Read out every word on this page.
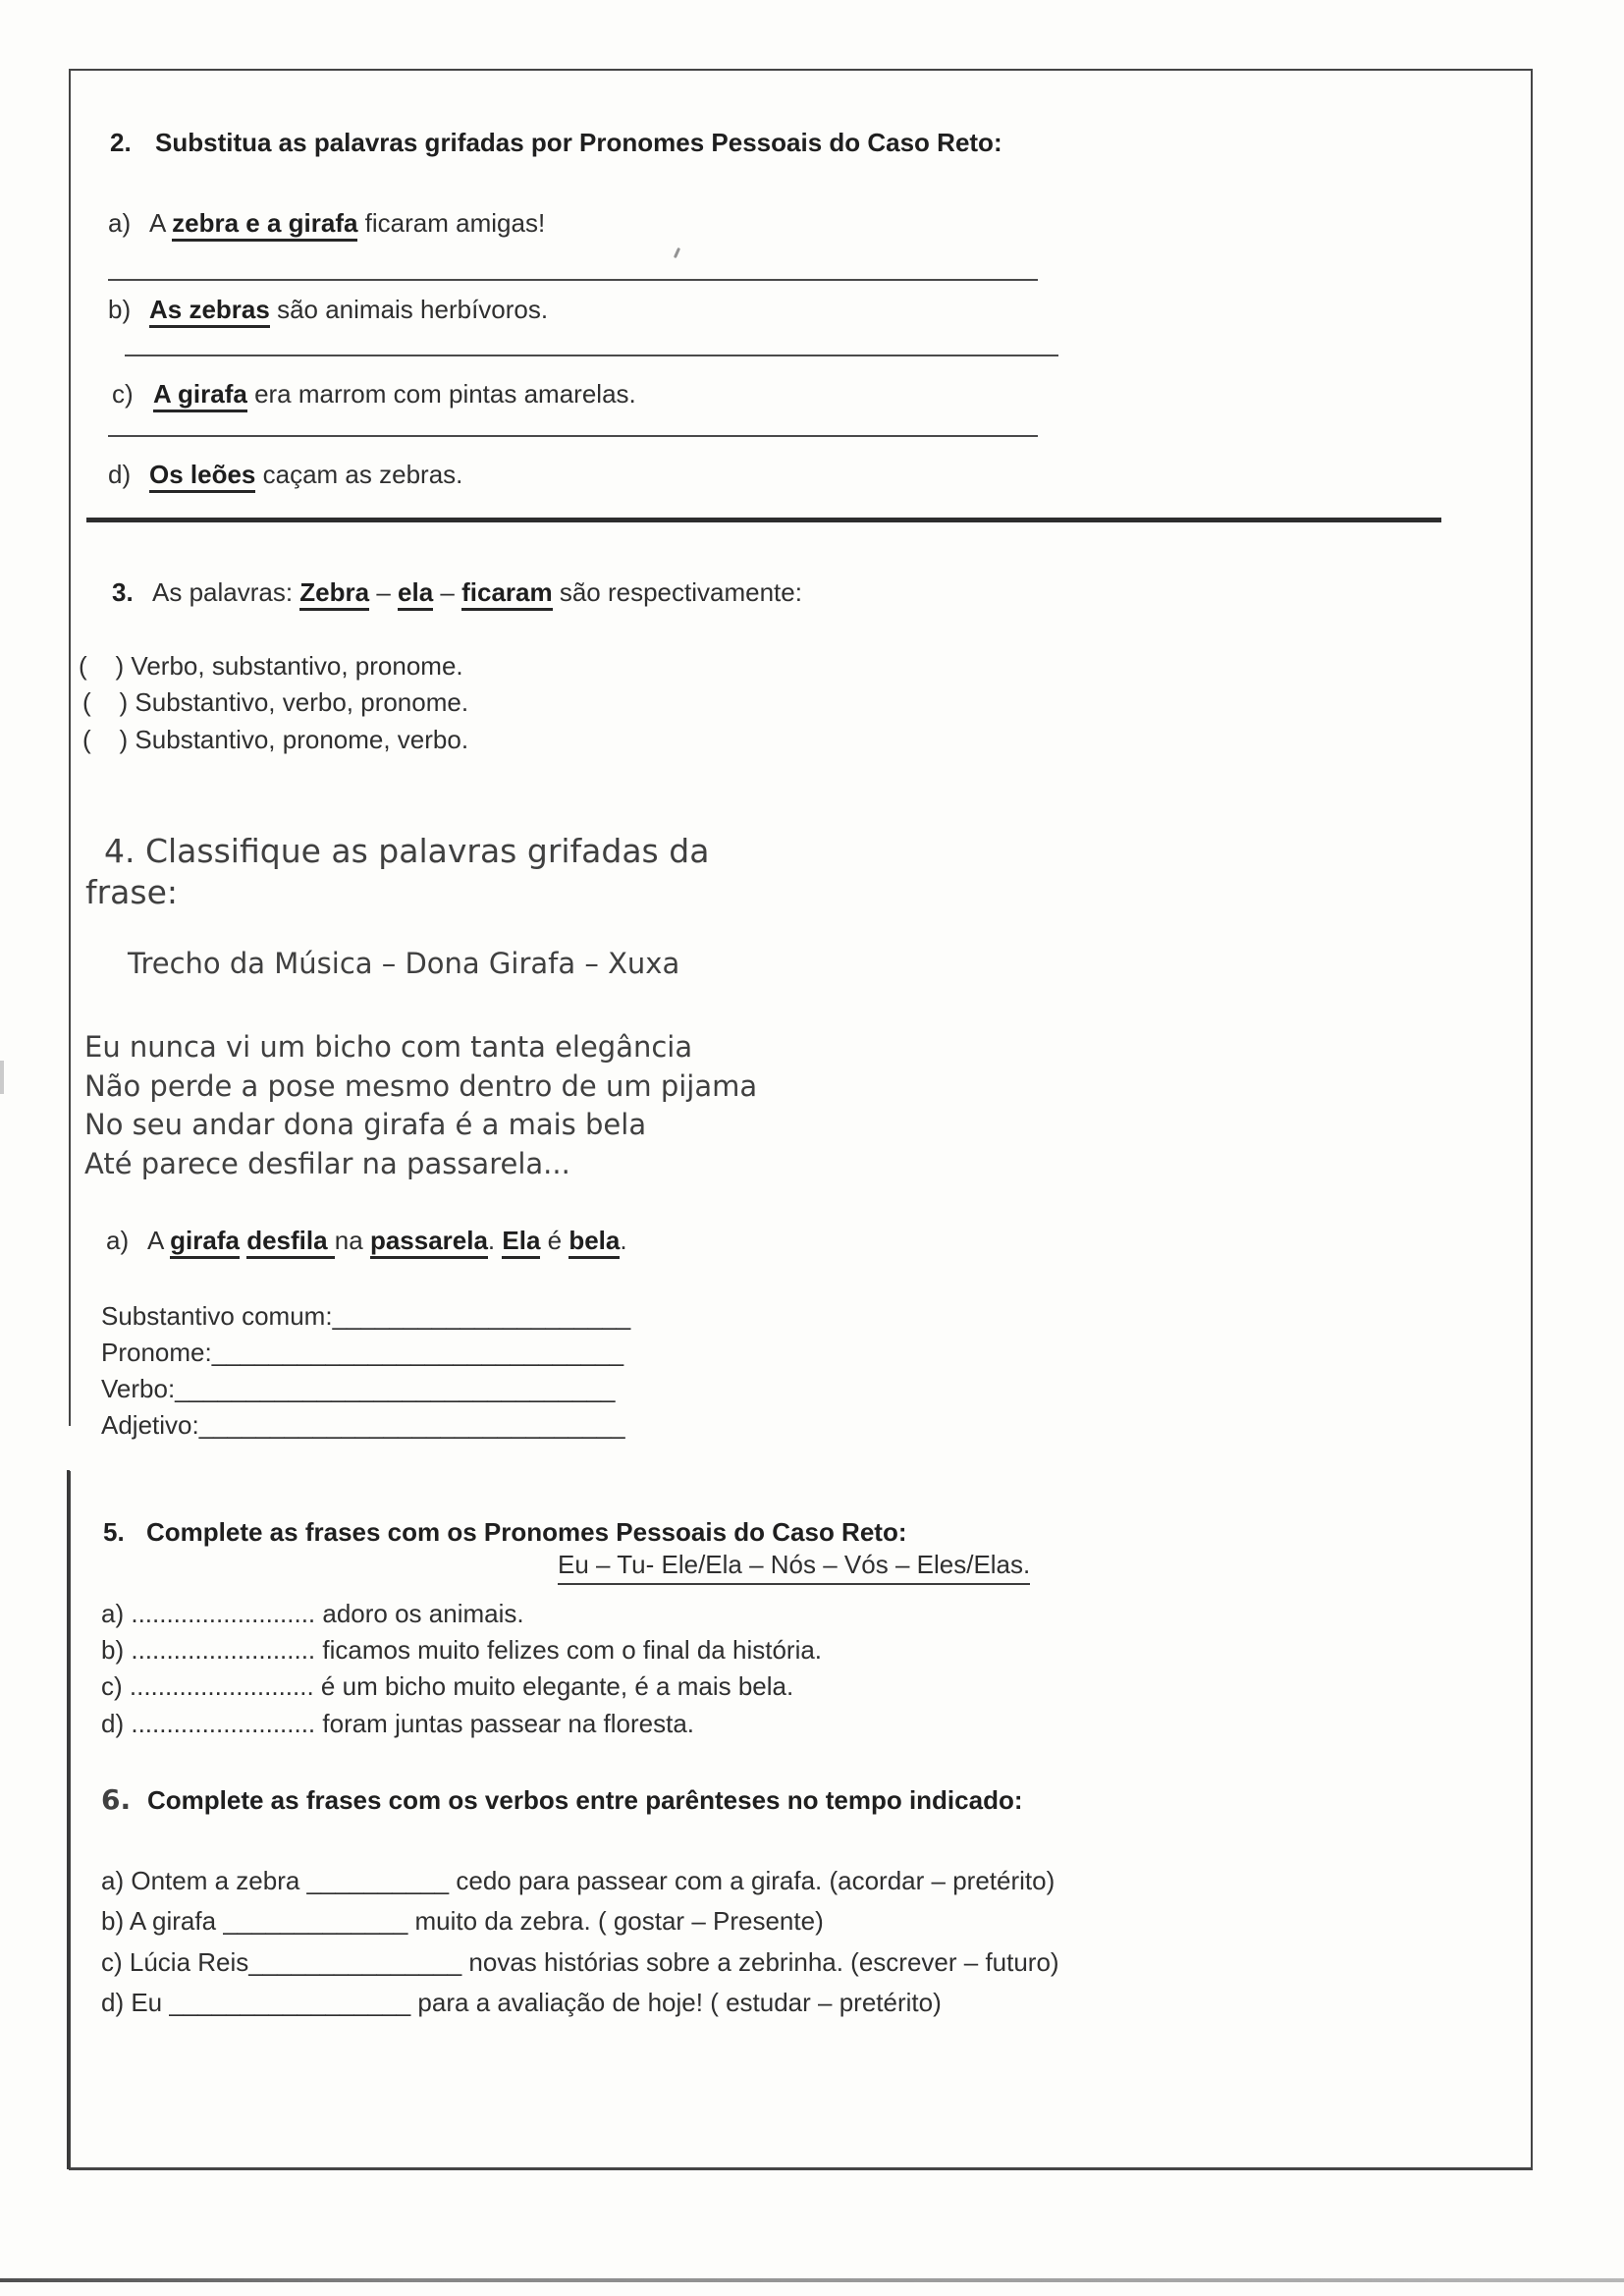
2. Substitua as palavras grifadas por Pronomes Pessoais do Caso Reto:
a) A zebra e a girafa ficaram amigas!
b) As zebras são animais herbívoros.
c) A girafa era marrom com pintas amarelas.
d) Os leões caçam as zebras.
3. As palavras: Zebra – ela – ficaram são respectivamente:
(    ) Verbo, substantivo, pronome.
(    ) Substantivo, verbo, pronome.
(    ) Substantivo, pronome, verbo.
4. Classifique as palavras grifadas da
frase:
Trecho da Música – Dona Girafa – Xuxa
Eu nunca vi um bicho com tanta elegância
Não perde a pose mesmo dentro de um pijama
No seu andar dona girafa é a mais bela
Até parece desfilar na passarela...
a) A girafa desfila na passarela. Ela é bela.
Substantivo comum:_____________________
Pronome:_____________________________
Verbo:_______________________________
Adjetivo:______________________________
5. Complete as frases com os Pronomes Pessoais do Caso Reto:
Eu – Tu- Ele/Ela – Nós – Vós – Eles/Elas.
a) .......................... adoro os animais.
b) .......................... ficamos muito felizes com o final da história.
c) .......................... é um bicho muito elegante, é a mais bela.
d) .......................... foram juntas passear na floresta.
6. Complete as frases com os verbos entre parênteses no tempo indicado:
a) Ontem a zebra __________ cedo para passear com a girafa. (acordar – pretérito)
b) A girafa _____________ muito da zebra. ( gostar – Presente)
c) Lúcia Reis_______________ novas histórias sobre a zebrinha. (escrever – futuro)
d) Eu _________________ para a avaliação de hoje! ( estudar – pretérito)
